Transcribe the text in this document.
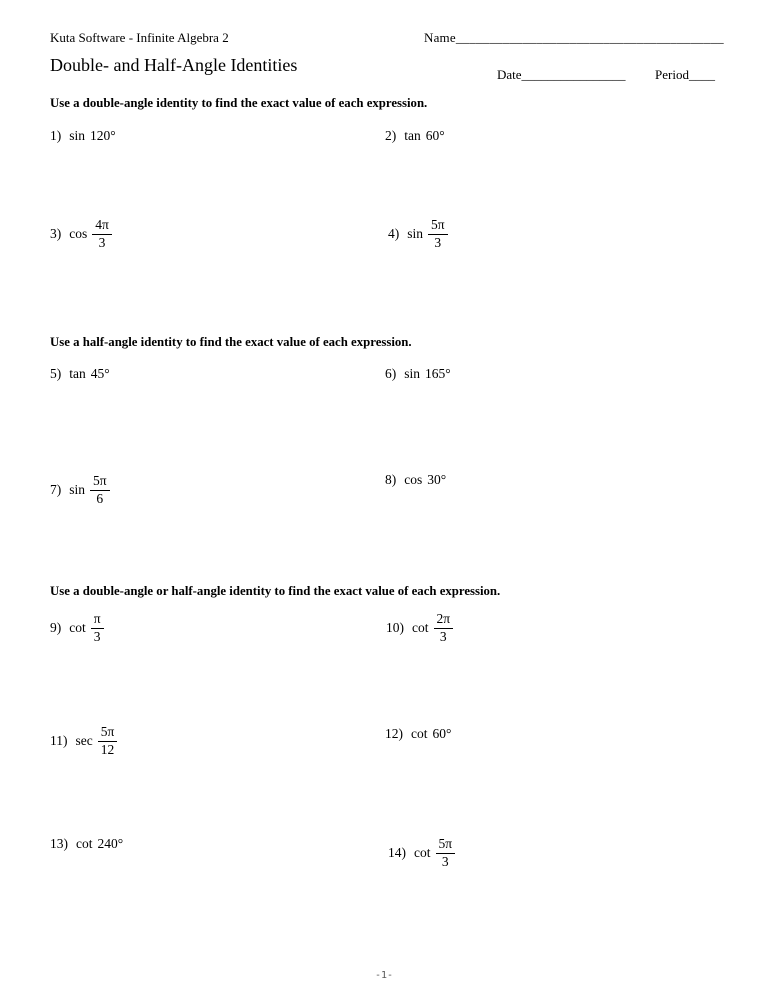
Kuta Software - Infinite Algebra 2	Name________________________________________
Double- and Half-Angle Identities	Date________________ Period____
Use a double-angle identity to find the exact value of each expression.
1) sin 120°	2) tan 60°
3) $\cos \frac{4\pi}{3}$	4) $\sin \frac{5\pi}{3}$
Use a half-angle identity to find the exact value of each expression.
5) tan 45°	6) sin 165°
7) $\sin \frac{5\pi}{6}$	8) cos 30°
Use a double-angle or half-angle identity to find the exact value of each expression.
9) $\cot \frac{\pi}{3}$	10) $\cot \frac{2\pi}{3}$
11) $\sec \frac{5\pi}{12}$	12) cot 60°
13) cot 240°
14) $\cot \frac{5\pi}{3}$
-1-
